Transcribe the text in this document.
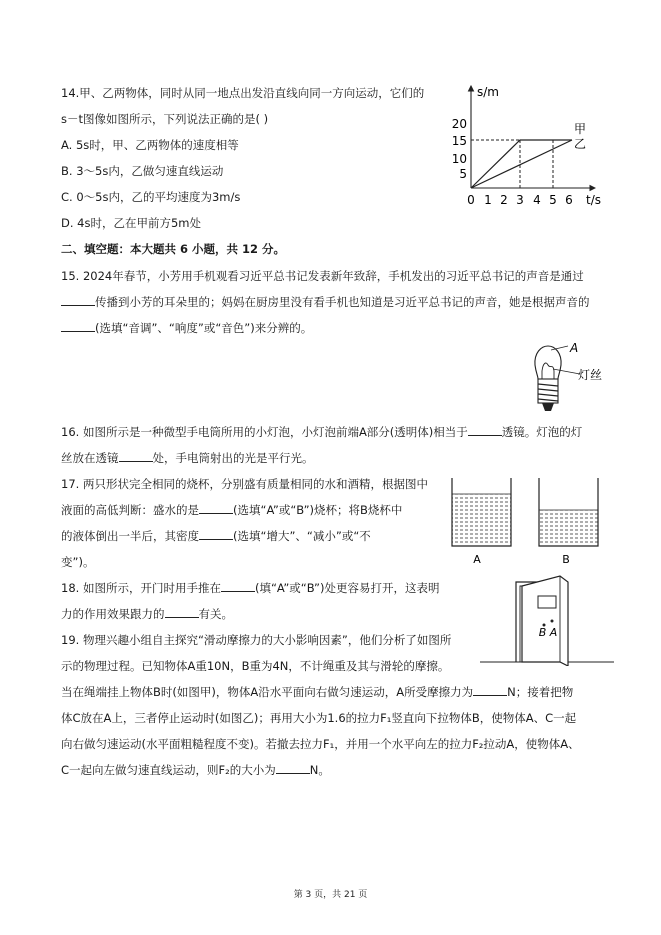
14.甲、乙两物体，同时从同一地点出发沿直线向同一方向运动，它们的
s－t图像如图所示，下列说法正确的是( )
A. 5s时，甲、乙两物体的速度相等
B. 3～5s内，乙做匀速直线运动
C. 0～5s内，乙的平均速度为3m/s
D. 4s时，乙在甲前方5m处
s/m
t/s
5
10
15
20
0 1 2 3 4 5 6
甲
乙
二、填空题：本大题共 6 小题，共 12 分。
15. 2024年春节，小芳用手机观看习近平总书记发表新年致辞，手机发出的习近平总书记的声音是通过
传播到小芳的耳朵里的；妈妈在厨房里没有看手机也知道是习近平总书记的声音，她是根据声音的
(选填“音调”、“响度”或“音色”)来分辨的。
A
灯丝
16. 如图所示是一种微型手电筒所用的小灯泡，小灯泡前端A部分(透明体)相当于	透镜。灯泡的灯
丝放在透镜	处，手电筒射出的光是平行光。
17. 两只形状完全相同的烧杯，分别盛有质量相同的水和酒精，根据图中
液面的高低判断：盛水的是	(选填“A”或“B”)烧杯；将B烧杯中
的液体倒出一半后，其密度	(选填“增大”、“减小”或“不
变”)。	A	B
18. 如图所示，开门时用手推在	(填“A”或“B”)处更容易打开，这表明
力的作用效果跟力的	有关。
B A
19. 物理兴趣小组自主探究“滑动摩擦力的大小影响因素”，他们分析了如图所
示的物理过程。已知物体A重10N，B重为4N，不计绳重及其与滑轮的摩擦。
当在绳端挂上物体B时(如图甲)，物体A沿水平面向右做匀速运动，A所受摩擦力为	N；接着把物
体C放在A上，三者停止运动时(如图乙)；再用大小为1.6的拉力F₁竖直向下拉物体B，使物体A、C一起
向右做匀速运动(水平面粗糙程度不变)。若撤去拉力F₁，并用一个水平向左的拉力F₂拉动A，使物体A、
C一起向左做匀速直线运动，则F₂的大小为	N。
第 3 页，共 21 页
